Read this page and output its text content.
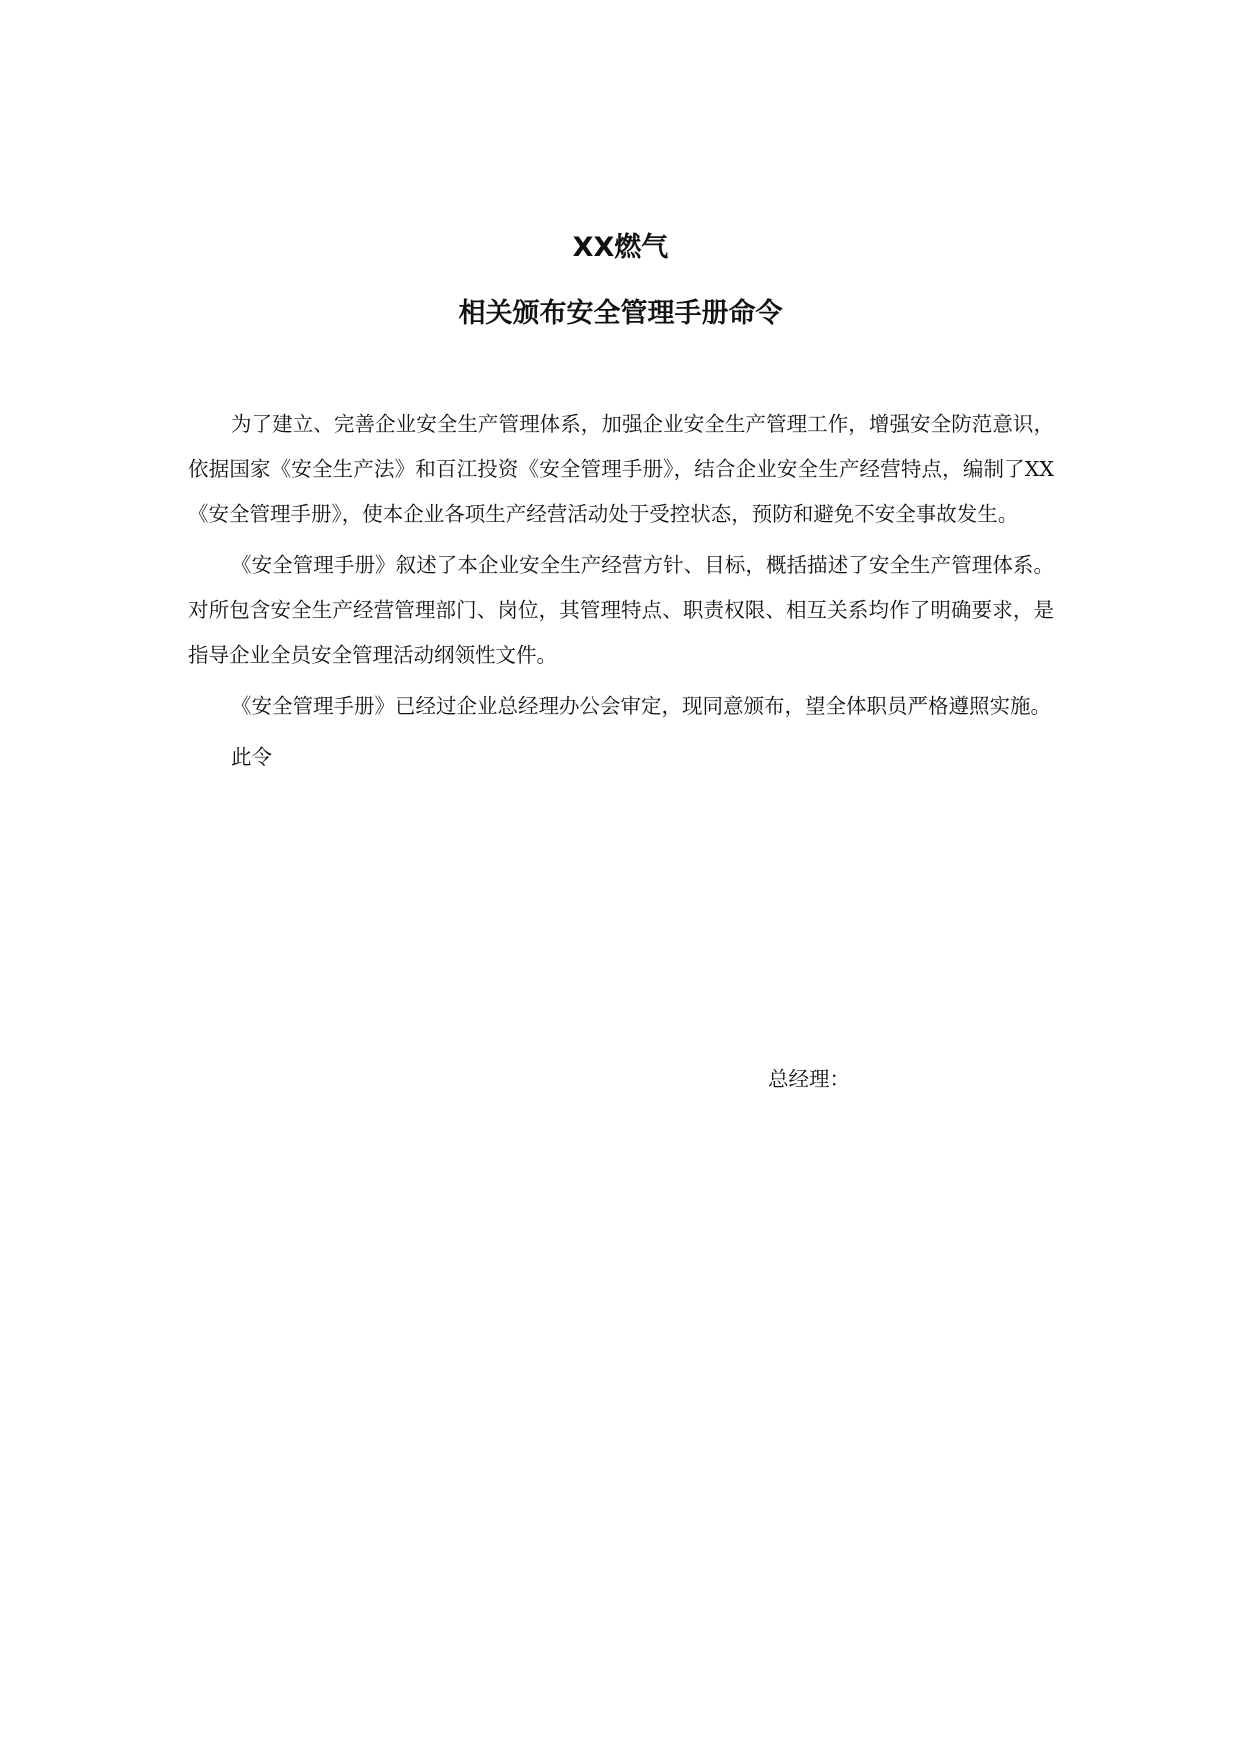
XX燃气
相关颁布安全管理手册命令

为了建立、完善企业安全生产管理体系，加强企业安全生产管理工作，增强安全防范意识，依据国家《安全生产法》和百江投资《安全管理手册》，结合企业安全生产经营特点，编制了XX《安全管理手册》，使本企业各项生产经营活动处于受控状态，预防和避免不安全事故发生。

《安全管理手册》叙述了本企业安全生产经营方针、目标，概括描述了安全生产管理体系。对所包含安全生产经营管理部门、岗位，其管理特点、职责权限、相互关系均作了明确要求，是指导企业全员安全管理活动纲领性文件。

《安全管理手册》已经过企业总经理办公会审定，现同意颁布，望全体职员严格遵照实施。

此令

总经理：
